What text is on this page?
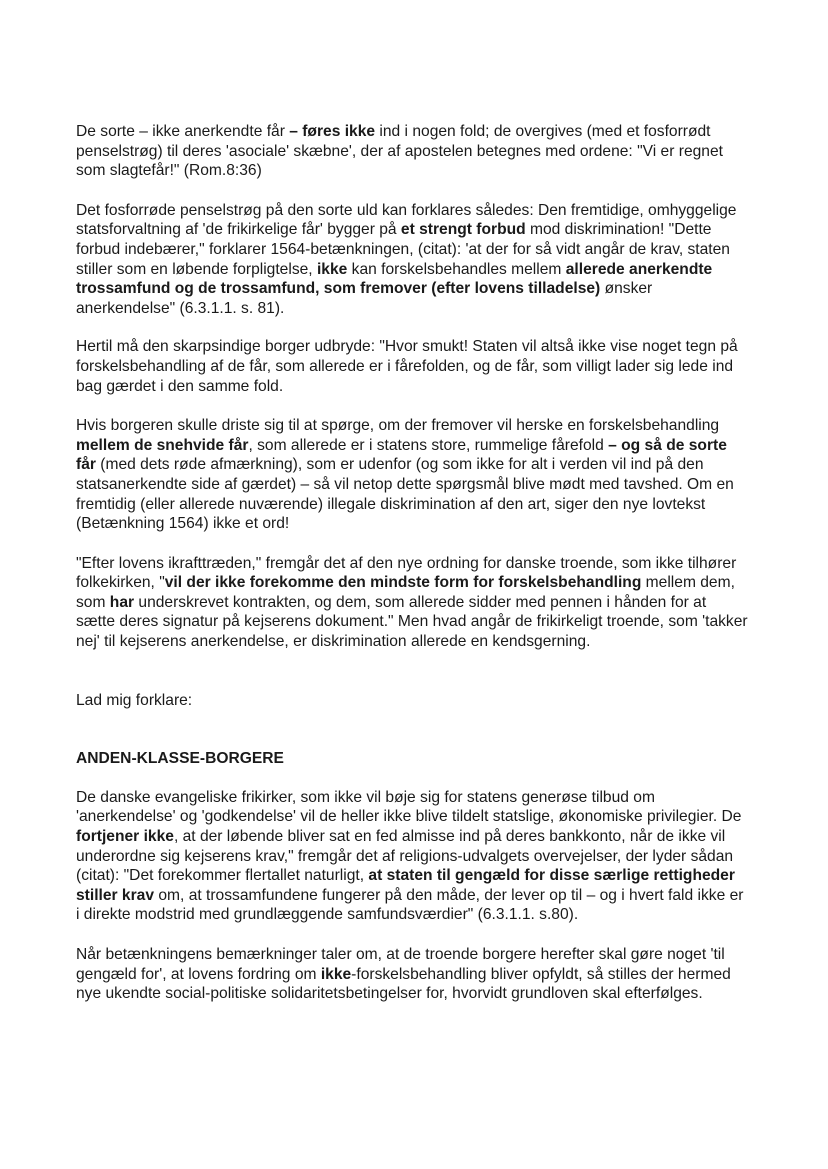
De sorte – ikke anerkendte får – føres ikke ind i nogen fold; de overgives (med et fosforrødt penselstrøg) til deres 'asociale' skæbne', der af apostelen betegnes med ordene: "Vi er regnet som slagtefår!" (Rom.8:36)

Det fosforrøde penselstrøg på den sorte uld kan forklares således: Den fremtidige, omhyggelige statsforvaltning af 'de frikirkelige får' bygger på et strengt forbud mod diskrimination! "Dette forbud indebærer," forklarer 1564-betænkningen, (citat): 'at der for så vidt angår de krav, staten stiller som en løbende forpligtelse, ikke kan forskelsbehandles mellem allerede anerkendte trossamfund og de trossamfund, som fremover (efter lovens tilladelse) ønsker anerkendelse" (6.3.1.1. s. 81).

Hertil må den skarpsindige borger udbryde: "Hvor smukt! Staten vil altså ikke vise noget tegn på forskelsbehandling af de får, som allerede er i fårefolden, og de får, som villigt lader sig lede ind bag gærdet i den samme fold.

Hvis borgeren skulle driste sig til at spørge, om der fremover vil herske en forskelsbehandling mellem de snehvide får, som allerede er i statens store, rummelige fårefold – og så de sorte får (med dets røde afmærkning), som er udenfor (og som ikke for alt i verden vil ind på den statsanerkendte side af gærdet) – så vil netop dette spørgsmål blive mødt med tavshed. Om en fremtidig (eller allerede nuværende) illegale diskrimination af den art, siger den nye lovtekst (Betænkning 1564) ikke et ord!

"Efter lovens ikrafttræden," fremgår det af den nye ordning for danske troende, som ikke tilhører folkekirken, "vil der ikke forekomme den mindste form for forskelsbehandling mellem dem, som har underskrevet kontrakten, og dem, som allerede sidder med pennen i hånden for at sætte deres signatur på kejserens dokument." Men hvad angår de frikirkeligt troende, som 'takker nej' til kejserens anerkendelse, er diskrimination allerede en kendsgerning.

Lad mig forklare:

ANDEN-KLASSE-BORGERE

De danske evangeliske frikirker, som ikke vil bøje sig for statens generøse tilbud om 'anerkendelse' og 'godkendelse' vil de heller ikke blive tildelt statslige, økonomiske privilegier. De fortjener ikke, at der løbende bliver sat en fed almisse ind på deres bankkonto, når de ikke vil underordne sig kejserens krav," fremgår det af religions-udvalgets overvejelser, der lyder sådan (citat): "Det forekommer flertallet naturligt, at staten til gengæld for disse særlige rettigheder stiller krav om, at trossamfundene fungerer på den måde, der lever op til – og i hvert fald ikke er i direkte modstrid med grundlæggende samfundsværdier" (6.3.1.1. s.80).

Når betænkningens bemærkninger taler om, at de troende borgere herefter skal gøre noget 'til gengæld for', at lovens fordring om ikke-forskelsbehandling bliver opfyldt, så stilles der hermed nye ukendte social-politiske solidaritetsbetingelser for, hvorvidt grundloven skal efterfølges.
